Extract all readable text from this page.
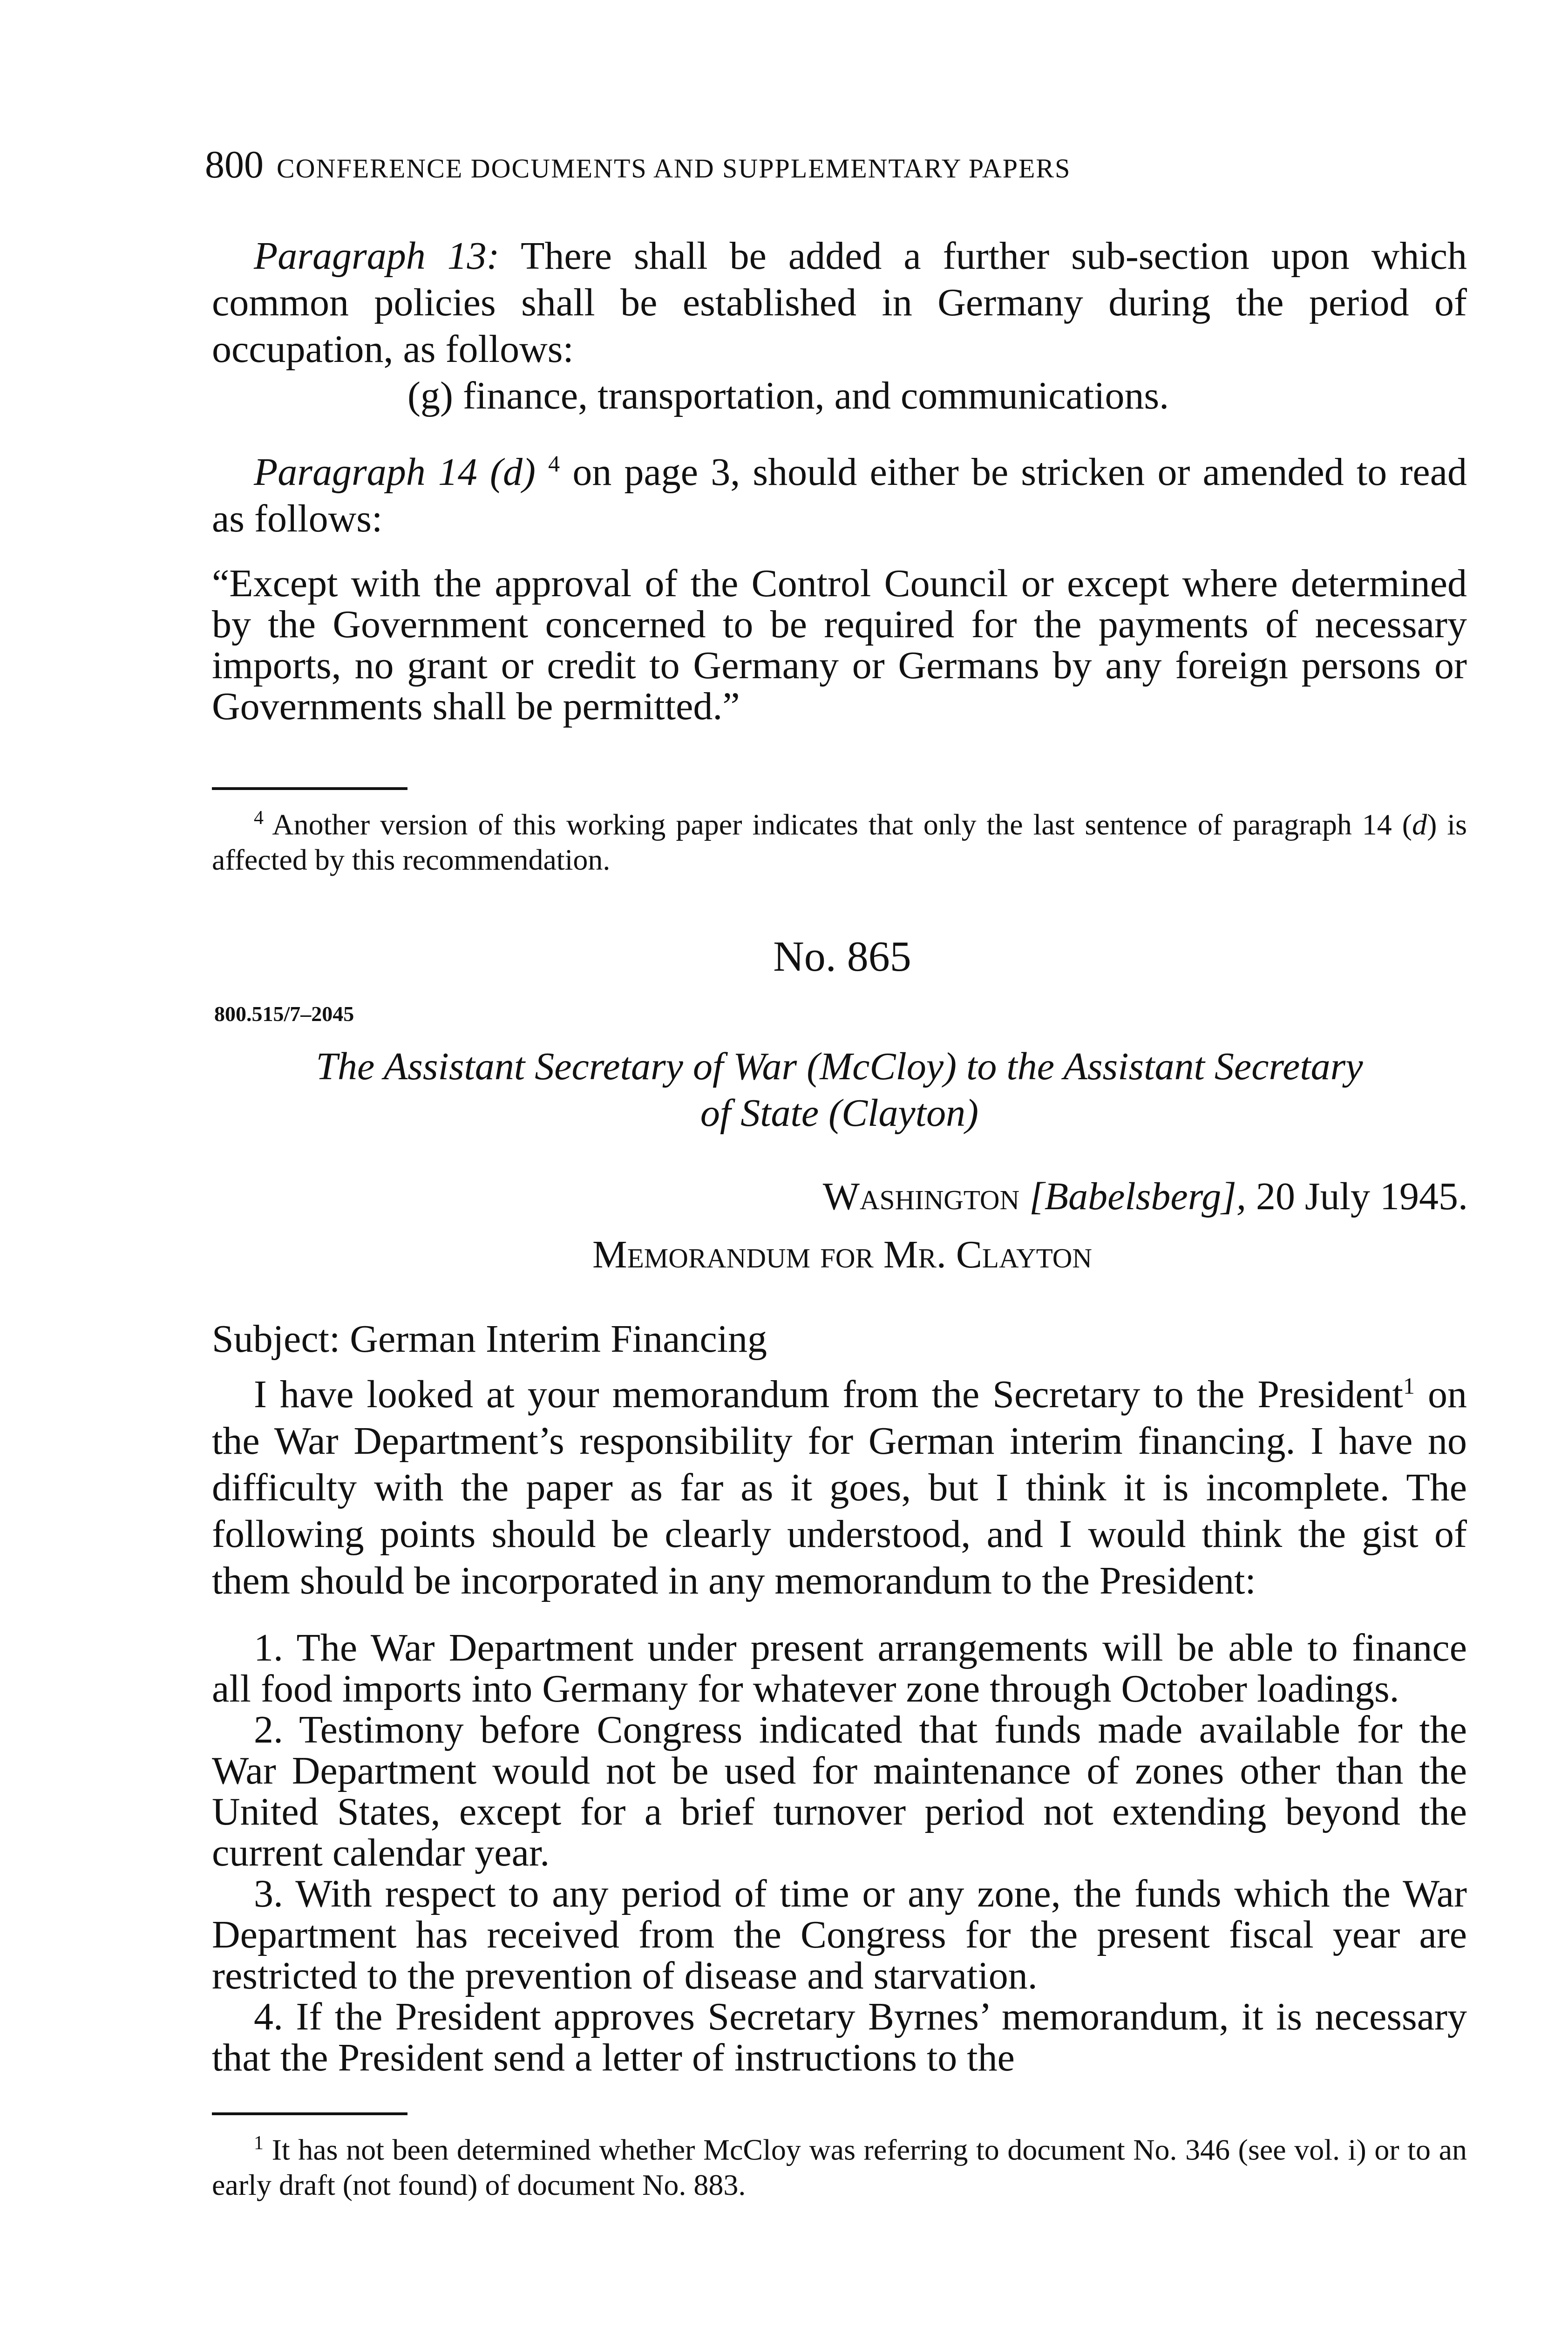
800 CONFERENCE DOCUMENTS AND SUPPLEMENTARY PAPERS

Paragraph 13: There shall be added a further sub-section upon which common policies shall be established in Germany during the period of occupation, as follows:

(g) finance, transportation, and communications.

Paragraph 14 (d) $^4$ on page 3, should either be stricken or amended to read as follows:

“Except with the approval of the Control Council or except where determined by the Government concerned to be required for the payments of necessary imports, no grant or credit to Germany or Germans by any foreign persons or Governments shall be permitted.”

$^4$ Another version of this working paper indicates that only the last sentence of paragraph 14 (d) is affected by this recommendation.

No. 865
800.515/7–2045
The Assistant Secretary of War (McCloy) to the Assistant Secretary
of State (Clayton)
Washington [Babelsberg], 20 July 1945.
Memorandum for Mr. Clayton

Subject: German Interim Financing

I have looked at your memorandum from the Secretary to the President$^1$ on the War Department’s responsibility for German interim financing. I have no difficulty with the paper as far as it goes, but I think it is incomplete. The following points should be clearly understood, and I would think the gist of them should be incorporated in any memorandum to the President:

1. The War Department under present arrangements will be able to finance all food imports into Germany for whatever zone through October loadings.

2. Testimony before Congress indicated that funds made available for the War Department would not be used for maintenance of zones other than the United States, except for a brief turnover period not extending beyond the current calendar year.

3. With respect to any period of time or any zone, the funds which the War Department has received from the Congress for the present fiscal year are restricted to the prevention of disease and starvation.

4. If the President approves Secretary Byrnes’ memorandum, it is necessary that the President send a letter of instructions to the

$^1$ It has not been determined whether McCloy was referring to document No. 346 (see vol. i) or to an early draft (not found) of document No. 883.
